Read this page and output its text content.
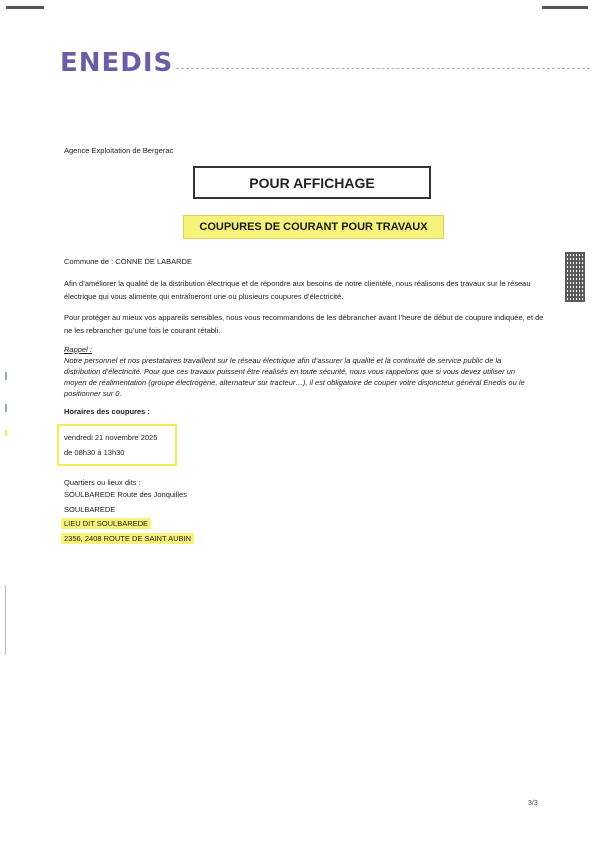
ENEDIS
Agence Exploitation de Bergerac
POUR AFFICHAGE
COUPURES DE COURANT POUR TRAVAUX
Commune de : CONNE DE LABARDE
Afin d’améliorer la qualité de la distribution électrique et de répondre aux besoins de notre clientèle, nous réalisons des travaux sur le réseau électrique qui vous alimente qui entraîneront une ou plusieurs coupures d’électricité.
Pour protéger au mieux vos appareils sensibles, nous vous recommandons de les débrancher avant l’heure de début de coupure indiquée, et de ne les rebrancher qu’une fois le courant rétabli.
Rappel :
Notre personnel et nos prestataires travaillent sur le réseau électrique afin d’assurer la qualité et la continuité de service public de la distribution d’électricité. Pour que ces travaux puissent être réalisés en toute sécurité, nous vous rappelons que si vous devez utiliser un moyen de réalimentation (groupe électrogène, alternateur sur tracteur…), il est obligatoire de couper votre disjoncteur général Enedis ou le positionner sur 0.
Horaires des coupures :
vendredi 21 novembre 2025
de 08h30 à 13h30
Quartiers ou lieux dits :
SOULBAREDE Route des Jonquilles
SOULBAREDE
LIEU DIT SOULBAREDE
2356, 2408 ROUTE DE SAINT AUBIN
3/3
